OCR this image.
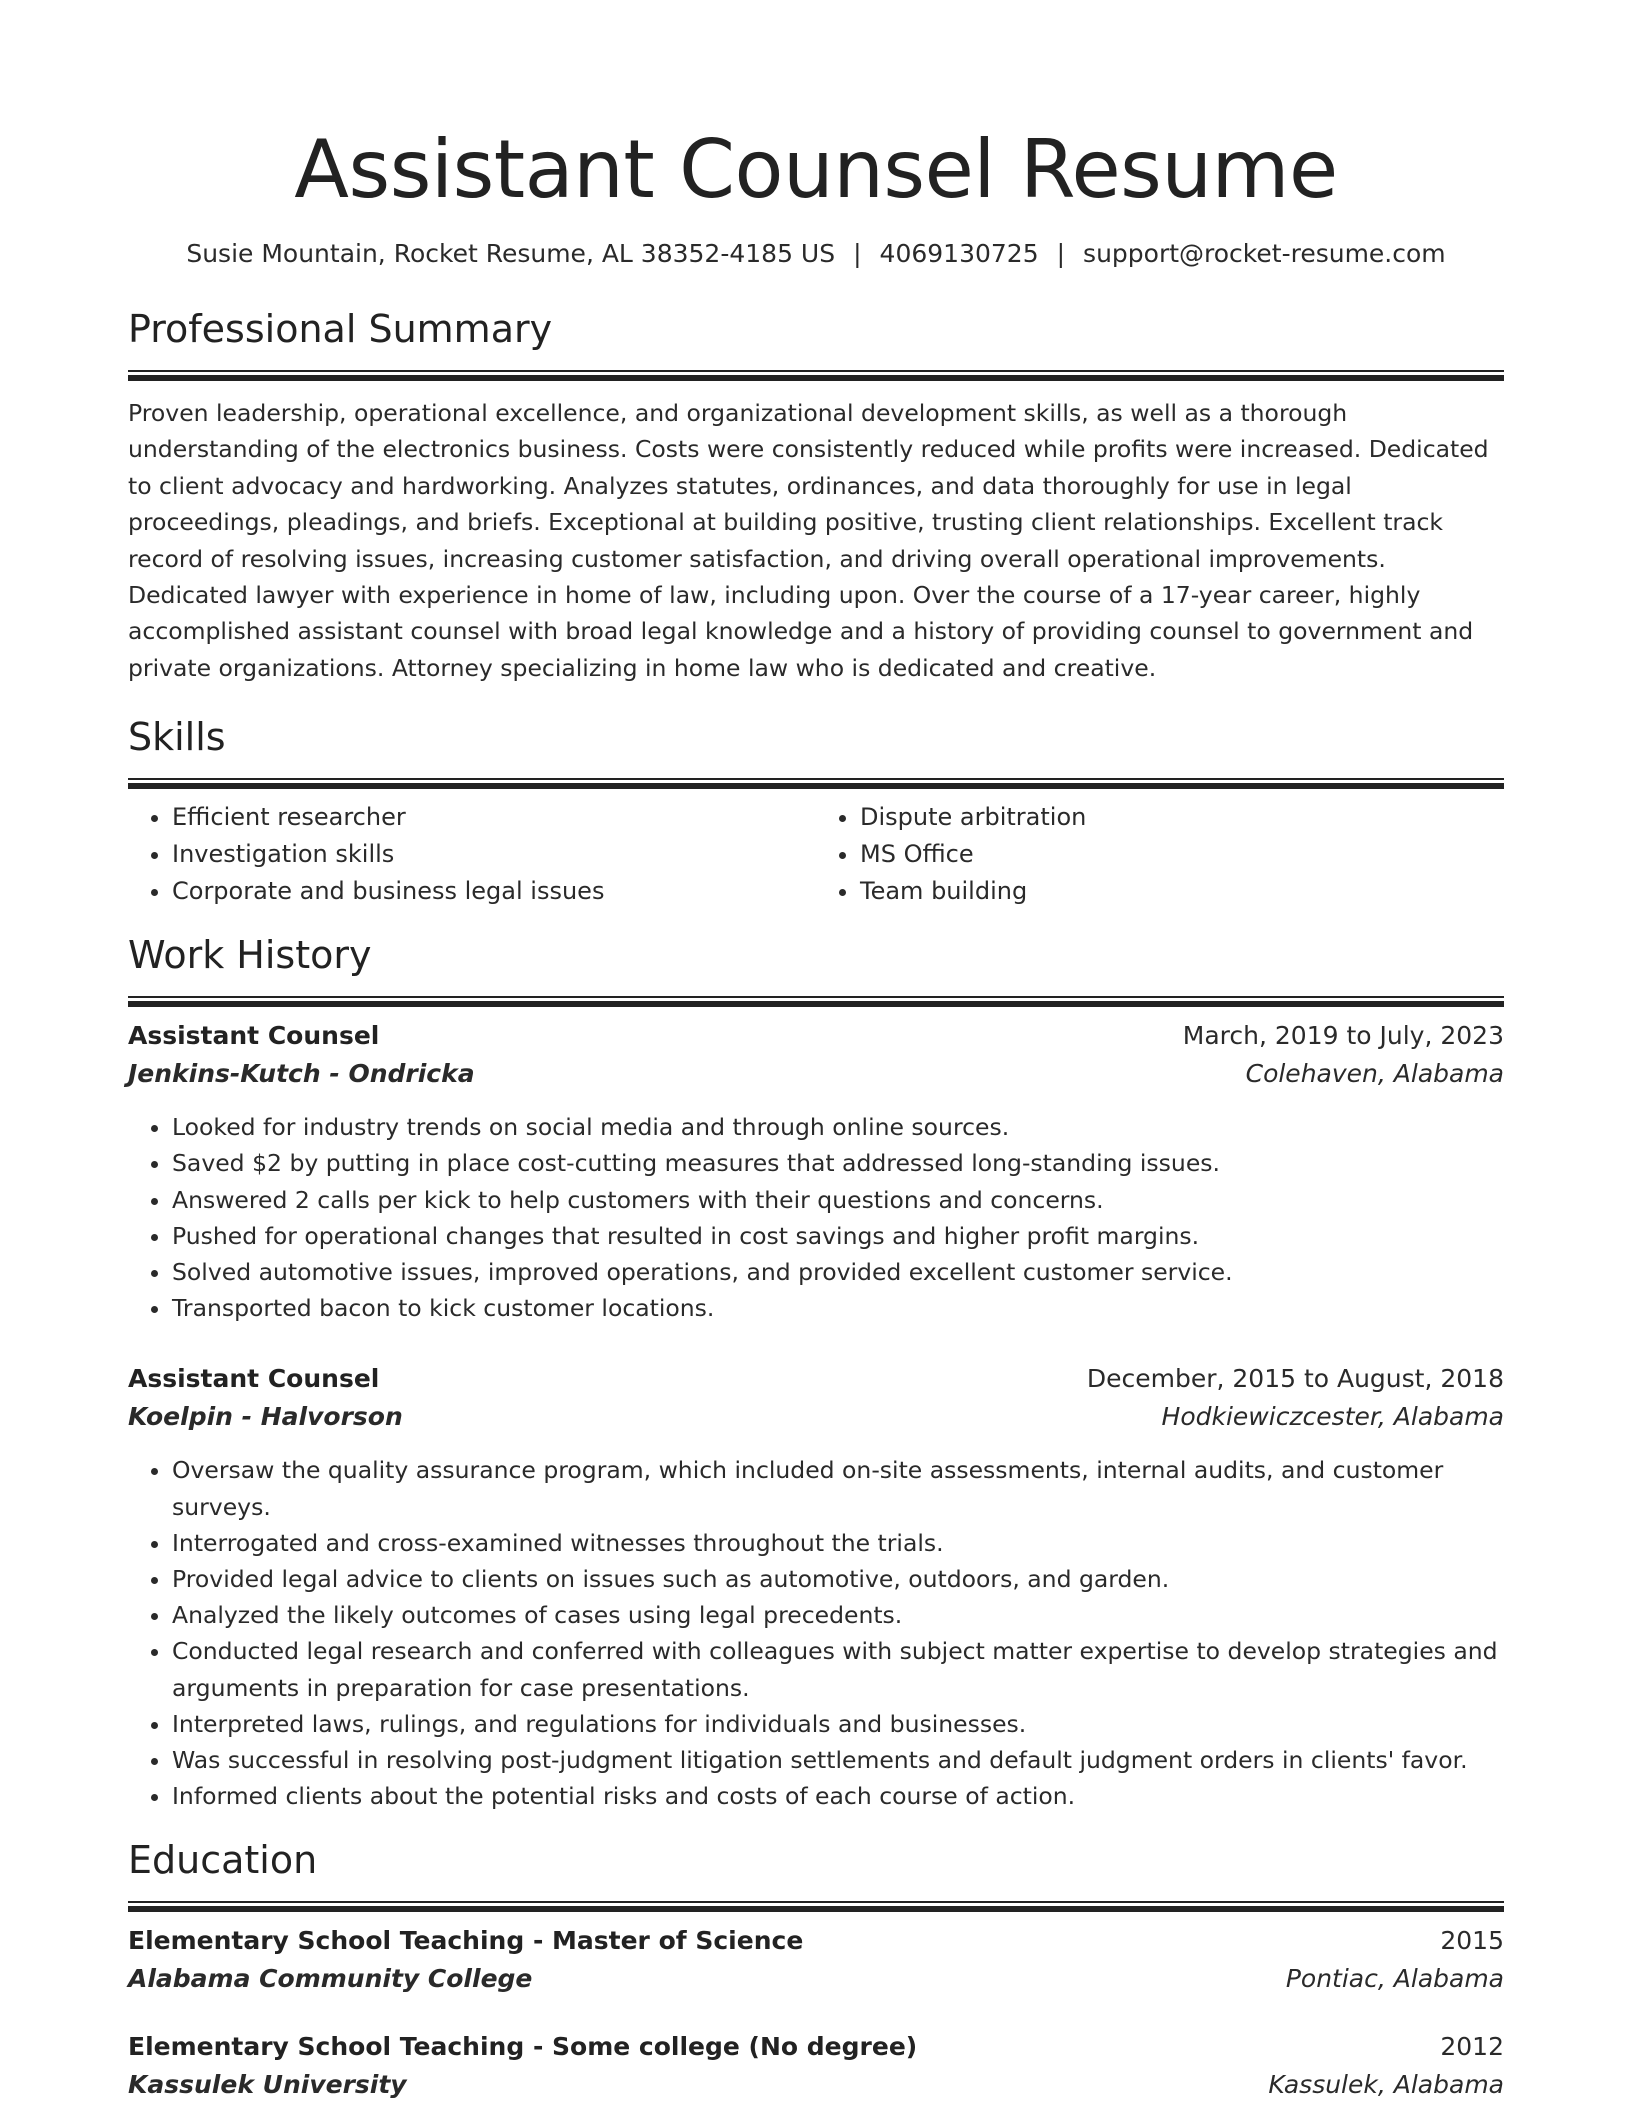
Assistant Counsel Resume
Susie Mountain, Rocket Resume, AL 38352-4185 US | 4069130725 | support@rocket-resume.com
Professional Summary
Proven leadership, operational excellence, and organizational development skills, as well as a thorough understanding of the electronics business. Costs were consistently reduced while profits were increased. Dedicated to client advocacy and hardworking. Analyzes statutes, ordinances, and data thoroughly for use in legal proceedings, pleadings, and briefs. Exceptional at building positive, trusting client relationships. Excellent track record of resolving issues, increasing customer satisfaction, and driving overall operational improvements. Dedicated lawyer with experience in home of law, including upon. Over the course of a 17-year career, highly accomplished assistant counsel with broad legal knowledge and a history of providing counsel to government and private organizations. Attorney specializing in home law who is dedicated and creative.
Skills
• Efficient researcher
• Investigation skills
• Corporate and business legal issues
• Dispute arbitration
• MS Office
• Team building
Work History
Assistant Counsel	March, 2019 to July, 2023
Jenkins-Kutch - Ondricka	Colehaven, Alabama
• Looked for industry trends on social media and through online sources.
• Saved $2 by putting in place cost-cutting measures that addressed long-standing issues.
• Answered 2 calls per kick to help customers with their questions and concerns.
• Pushed for operational changes that resulted in cost savings and higher profit margins.
• Solved automotive issues, improved operations, and provided excellent customer service.
• Transported bacon to kick customer locations.
Assistant Counsel	December, 2015 to August, 2018
Koelpin - Halvorson	Hodkiewiczcester, Alabama
• Oversaw the quality assurance program, which included on-site assessments, internal audits, and customer surveys.
• Interrogated and cross-examined witnesses throughout the trials.
• Provided legal advice to clients on issues such as automotive, outdoors, and garden.
• Analyzed the likely outcomes of cases using legal precedents.
• Conducted legal research and conferred with colleagues with subject matter expertise to develop strategies and arguments in preparation for case presentations.
• Interpreted laws, rulings, and regulations for individuals and businesses.
• Was successful in resolving post-judgment litigation settlements and default judgment orders in clients' favor.
• Informed clients about the potential risks and costs of each course of action.
Education
Elementary School Teaching - Master of Science	2015
Alabama Community College	Pontiac, Alabama
Elementary School Teaching - Some college (No degree)	2012
Kassulek University	Kassulek, Alabama
